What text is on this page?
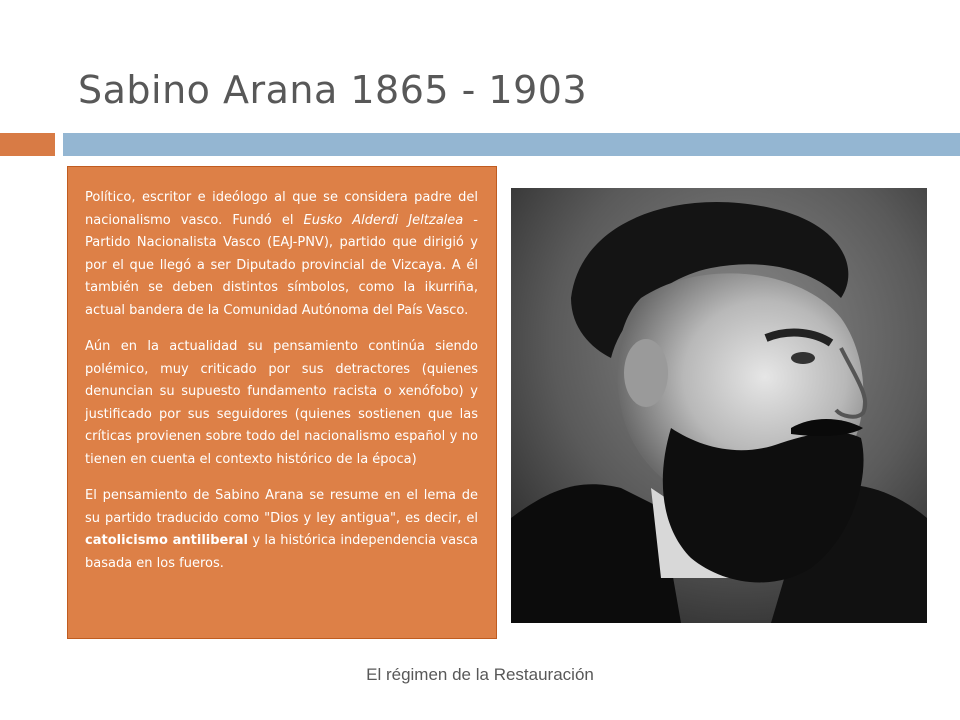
Sabino Arana 1865 - 1903

Político, escritor e ideólogo al que se considera padre del nacionalismo vasco. Fundó el Eusko Alderdi Jeltzalea - Partido Nacionalista Vasco (EAJ-PNV), partido que dirigió y por el que llegó a ser Diputado provincial de Vizcaya. A él también se deben distintos símbolos, como la ikurriña, actual bandera de la Comunidad Autónoma del País Vasco.

Aún en la actualidad su pensamiento continúa siendo polémico, muy criticado por sus detractores (quienes denuncian su supuesto fundamento racista o xenófobo) y justificado por sus seguidores (quienes sostienen que las críticas provienen sobre todo del nacionalismo español y no tienen en cuenta el contexto histórico de la época)

El pensamiento de Sabino Arana se resume en el lema de su partido traducido como "Dios y ley antigua", es decir, el catolicismo antiliberal y la histórica independencia vasca basada en los fueros.

El régimen de la Restauración
